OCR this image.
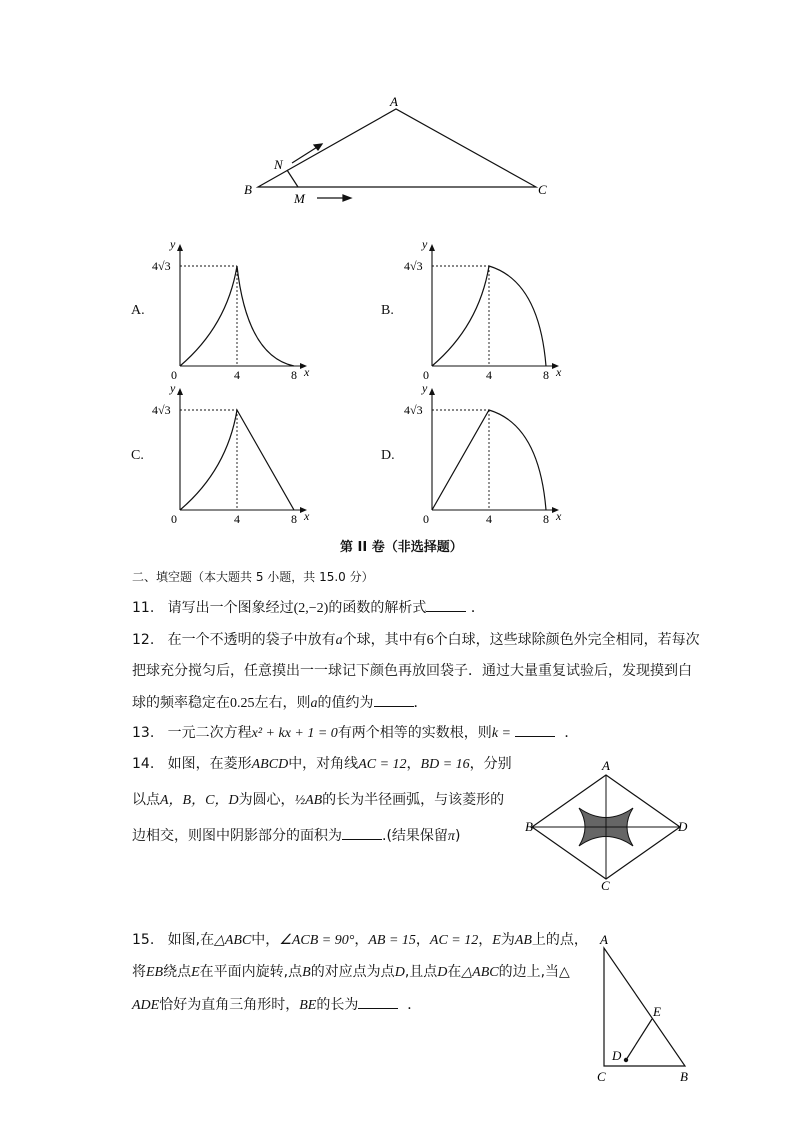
A
B	C
N
M
y
x
0	4	8
4√3
y
x
0	4	8
4√3
y
x
0	4	8
4√3
y
x
0	4	8
4√3
A
B
C
D
A
C	B
E
D
A.	B.
C.	D.
第 II 卷（非选择题）
二、填空题（本大题共 5 小题，共 15.0 分）
11. 请写出一个图象经过(2,−2)的函数的解析式	．
12. 在一个不透明的袋子中放有a个球，其中有6个白球，这些球除颜色外完全相同，若每次
把球充分搅匀后，任意摸出一一球记下颜色再放回袋子．通过大量重复试验后，发现摸到白
球的频率稳定在0.25左右，则a的值约为	．
13. 一元二次方程x² + kx + 1 = 0有两个相等的实数根，则k =	．
14. 如图，在菱形ABCD中，对角线AC = 12，BD = 16，分别
以点A，B，C，D为圆心，½AB的长为半径画弧，与该菱形的
边相交，则图中阴影部分的面积为	.(结果保留π)
15. 如图,在△ABC中，∠ACB = 90°，AB = 15，AC = 12，E为AB上的点，
将EB绕点E在平面内旋转,点B的对应点为点D,且点D在△ABC的边上,当△
ADE恰好为直角三角形时，BE的长为	．
